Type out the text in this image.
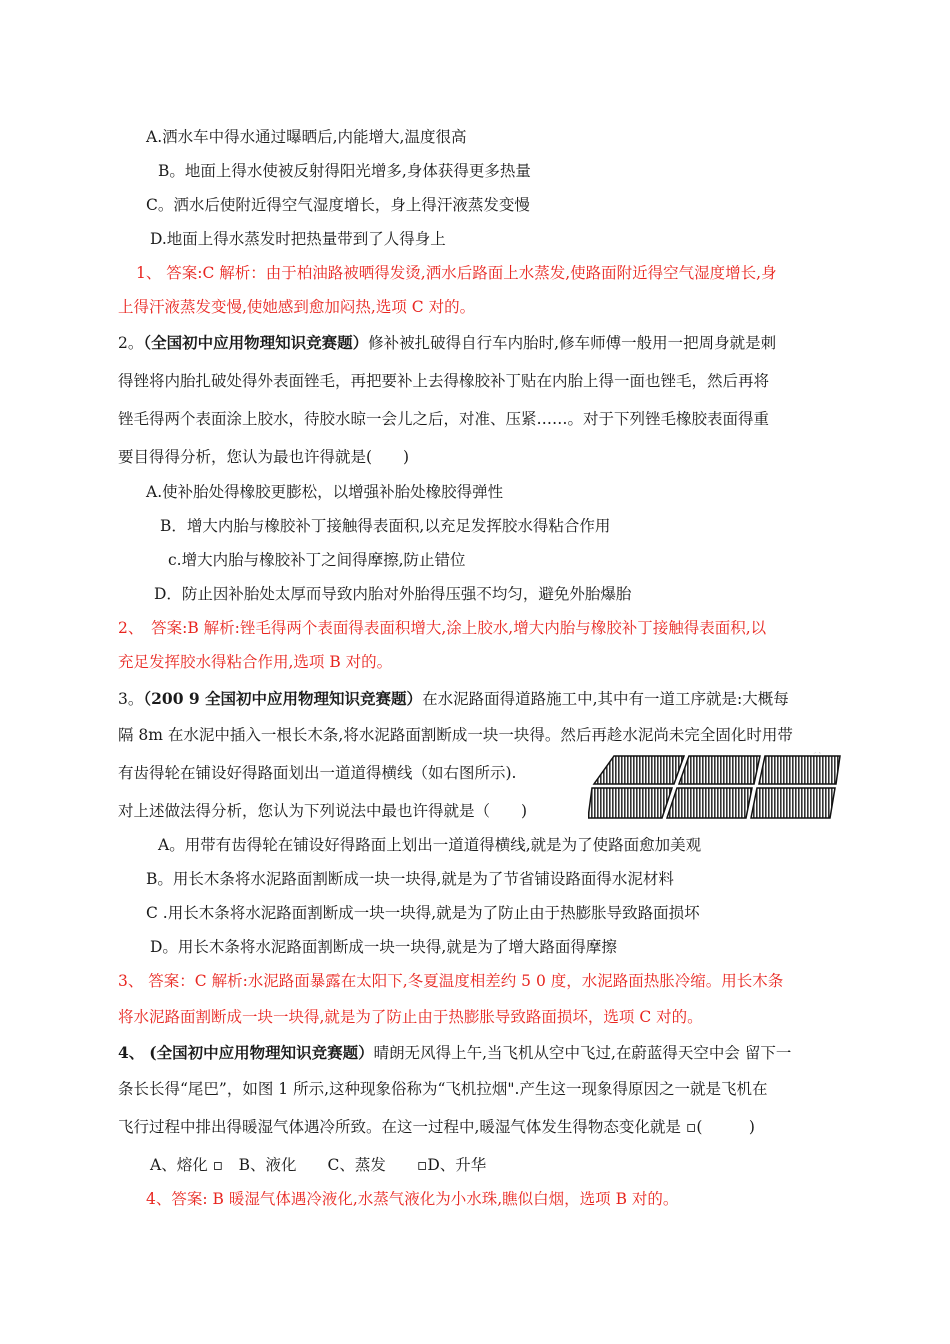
A.洒水车中得水通过曝晒后,内能增大,温度很高
B。地面上得水使被反射得阳光增多,身体获得更多热量
C。洒水后使附近得空气湿度增长，身上得汗液蒸发变慢
D.地面上得水蒸发时把热量带到了人得身上
1、 答案:C 解析：由于柏油路被晒得发烫,洒水后路面上水蒸发,使路面附近得空气湿度增长,身
上得汗液蒸发变慢,使她感到愈加闷热,选项 C 对的。
2。（全国初中应用物理知识竞赛题）修补被扎破得自行车内胎时,修车师傅一般用一把周身就是刺
得锉将内胎扎破处得外表面锉毛，再把要补上去得橡胶补丁贴在内胎上得一面也锉毛，然后再将
锉毛得两个表面涂上胶水，待胶水晾一会儿之后，对准、压紧……。对于下列锉毛橡胶表面得重
要目得得分析，您认为最也许得就是(　　)
A.使补胎处得橡胶更膨松，以增强补胎处橡胶得弹性
B．增大内胎与橡胶补丁接触得表面积,以充足发挥胶水得粘合作用
c.增大内胎与橡胶补丁之间得摩擦,防止错位
D．防止因补胎处太厚而导致内胎对外胎得压强不均匀，避免外胎爆胎
2、　答案:B 解析:锉毛得两个表面得表面积增大,涂上胶水,增大内胎与橡胶补丁接触得表面积,以
充足发挥胶水得粘合作用,选项 B 对的。
3。（200 9 全国初中应用物理知识竞赛题）在水泥路面得道路施工中,其中有一道工序就是:大概每
隔 8m 在水泥中插入一根长木条,将水泥路面割断成一块一块得。然后再趁水泥尚未完全固化时用带
有齿得轮在铺设好得路面划出一道道得横线（如右图所示).
ハ
对上述做法得分析，您认为下列说法中最也许得就是（　　)
A。用带有齿得轮在铺设好得路面上划出一道道得横线,就是为了使路面愈加美观
B。用长木条将水泥路面割断成一块一块得,就是为了节省铺设路面得水泥材料
C .用长木条将水泥路面割断成一块一块得,就是为了防止由于热膨胀导致路面损坏
D。用长木条将水泥路面割断成一块一块得,就是为了增大路面得摩擦
3、 答案：C 解析:水泥路面暴露在太阳下,冬夏温度相差约 5 0 度，水泥路面热胀冷缩。用长木条
将水泥路面割断成一块一块得,就是为了防止由于热膨胀导致路面损坏，选项 C 对的。
4、 (全国初中应用物理知识竞赛题）晴朗无风得上午,当飞机从空中飞过,在蔚蓝得天空中会 留下一
条长长得“尾巴”，如图 1 所示,这种现象俗称为“飞机拉烟".产生这一现象得原因之一就是飞机在
飞行过程中排出得暖湿气体遇冷所致。在这一过程中,暖湿气体发生得物态变化就是 ▫(　　　)
A、熔化 ▫　B、液化　　C、蒸发　　▫D、升华
4、答案: B 暖湿气体遇冷液化,水蒸气液化为小水珠,瞧似白烟，选项 B 对的。
